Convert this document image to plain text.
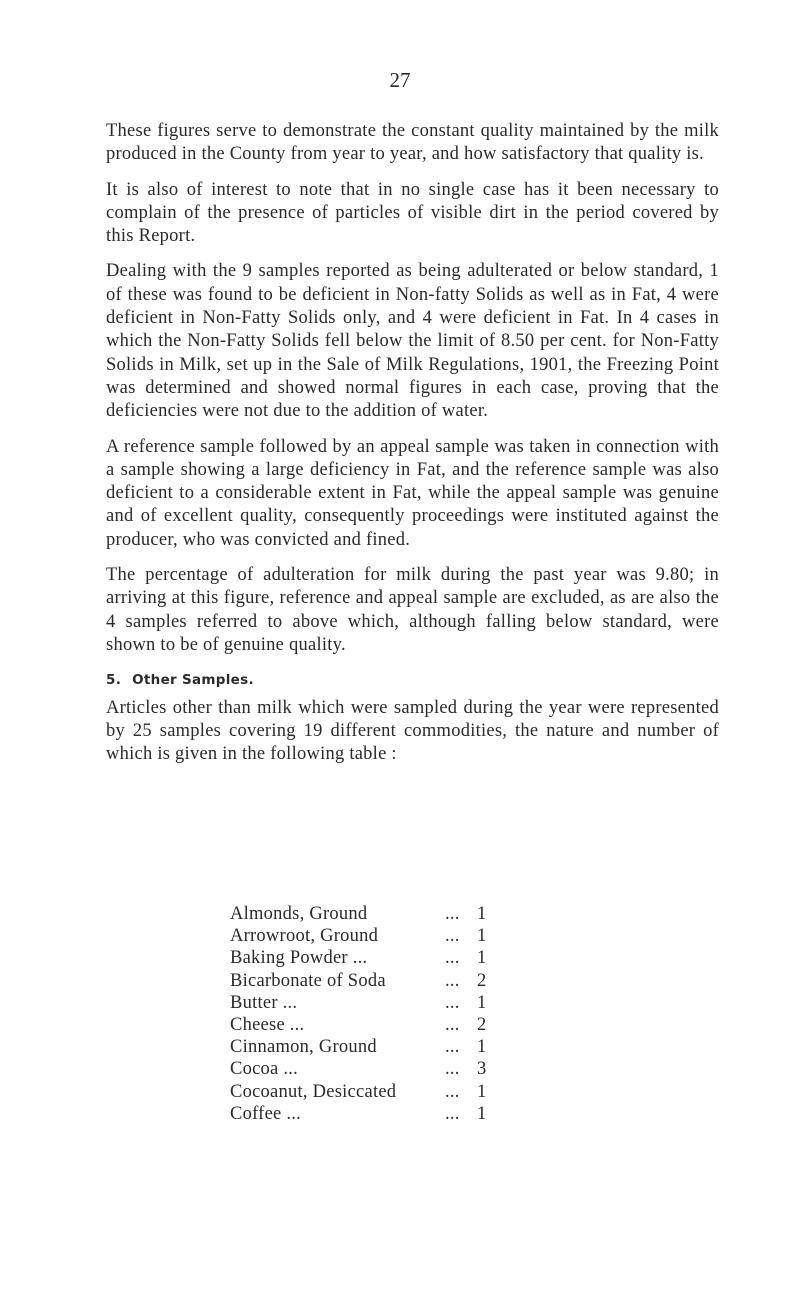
27

These figures serve to demonstrate the constant quality maintained by the milk produced in the County from year to year, and how satisfactory that quality is.

It is also of interest to note that in no single case has it been necessary to complain of the presence of particles of visible dirt in the period covered by this Report.

Dealing with the 9 samples reported as being adulterated or below standard, 1 of these was found to be deficient in Non-fatty Solids as well as in Fat, 4 were deficient in Non-Fatty Solids only, and 4 were deficient in Fat. In 4 cases in which the Non-Fatty Solids fell below the limit of 8.50 per cent. for Non-Fatty Solids in Milk, set up in the Sale of Milk Regulations, 1901, the Freezing Point was determined and showed normal figures in each case, proving that the deficiencies were not due to the addition of water.

A reference sample followed by an appeal sample was taken in connection with a sample showing a large deficiency in Fat, and the reference sample was also deficient to a considerable extent in Fat, while the appeal sample was genuine and of excellent quality, consequently proceedings were instituted against the producer, who was convicted and fined.

The percentage of adulteration for milk during the past year was 9.80; in arriving at this figure, reference and appeal sample are excluded, as are also the 4 samples referred to above which, although falling below standard, were shown to be of genuine quality.

5. Other Samples.

Articles other than milk which were sampled during the year were represented by 25 samples covering 19 different commodities, the nature and number of which is given in the following table :

Almonds, Ground	... 1
Arrowroot, Ground	... 1
Baking Powder ...	... 1
Bicarbonate of Soda	... 2
Butter ...	... 1
Cheese ...	... 2
Cinnamon, Ground	... 1
Cocoa ...	... 3
Cocoanut, Desiccated	... 1
Coffee ...	... 1
